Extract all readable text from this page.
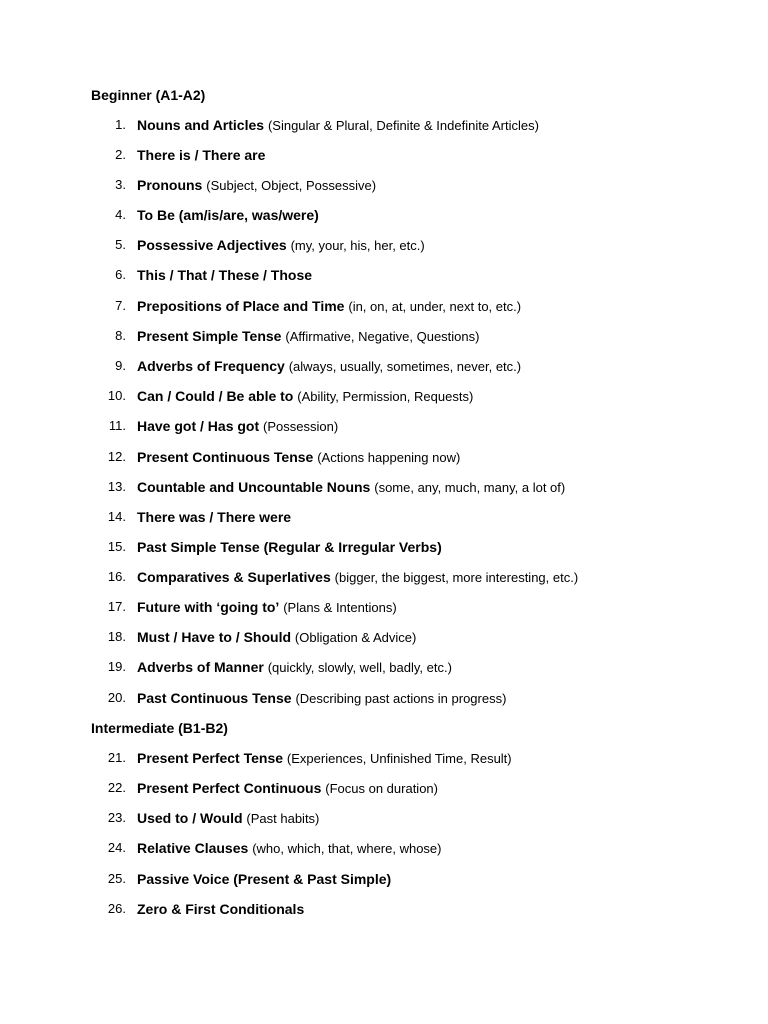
Beginner (A1-A2)
1. Nouns and Articles (Singular & Plural, Definite & Indefinite Articles)
2. There is / There are
3. Pronouns (Subject, Object, Possessive)
4. To Be (am/is/are, was/were)
5. Possessive Adjectives (my, your, his, her, etc.)
6. This / That / These / Those
7. Prepositions of Place and Time (in, on, at, under, next to, etc.)
8. Present Simple Tense (Affirmative, Negative, Questions)
9. Adverbs of Frequency (always, usually, sometimes, never, etc.)
10. Can / Could / Be able to (Ability, Permission, Requests)
11. Have got / Has got (Possession)
12. Present Continuous Tense (Actions happening now)
13. Countable and Uncountable Nouns (some, any, much, many, a lot of)
14. There was / There were
15. Past Simple Tense (Regular & Irregular Verbs)
16. Comparatives & Superlatives (bigger, the biggest, more interesting, etc.)
17. Future with ‘going to’ (Plans & Intentions)
18. Must / Have to / Should (Obligation & Advice)
19. Adverbs of Manner (quickly, slowly, well, badly, etc.)
20. Past Continuous Tense (Describing past actions in progress)
Intermediate (B1-B2)
21. Present Perfect Tense (Experiences, Unfinished Time, Result)
22. Present Perfect Continuous (Focus on duration)
23. Used to / Would (Past habits)
24. Relative Clauses (who, which, that, where, whose)
25. Passive Voice (Present & Past Simple)
26. Zero & First Conditionals
